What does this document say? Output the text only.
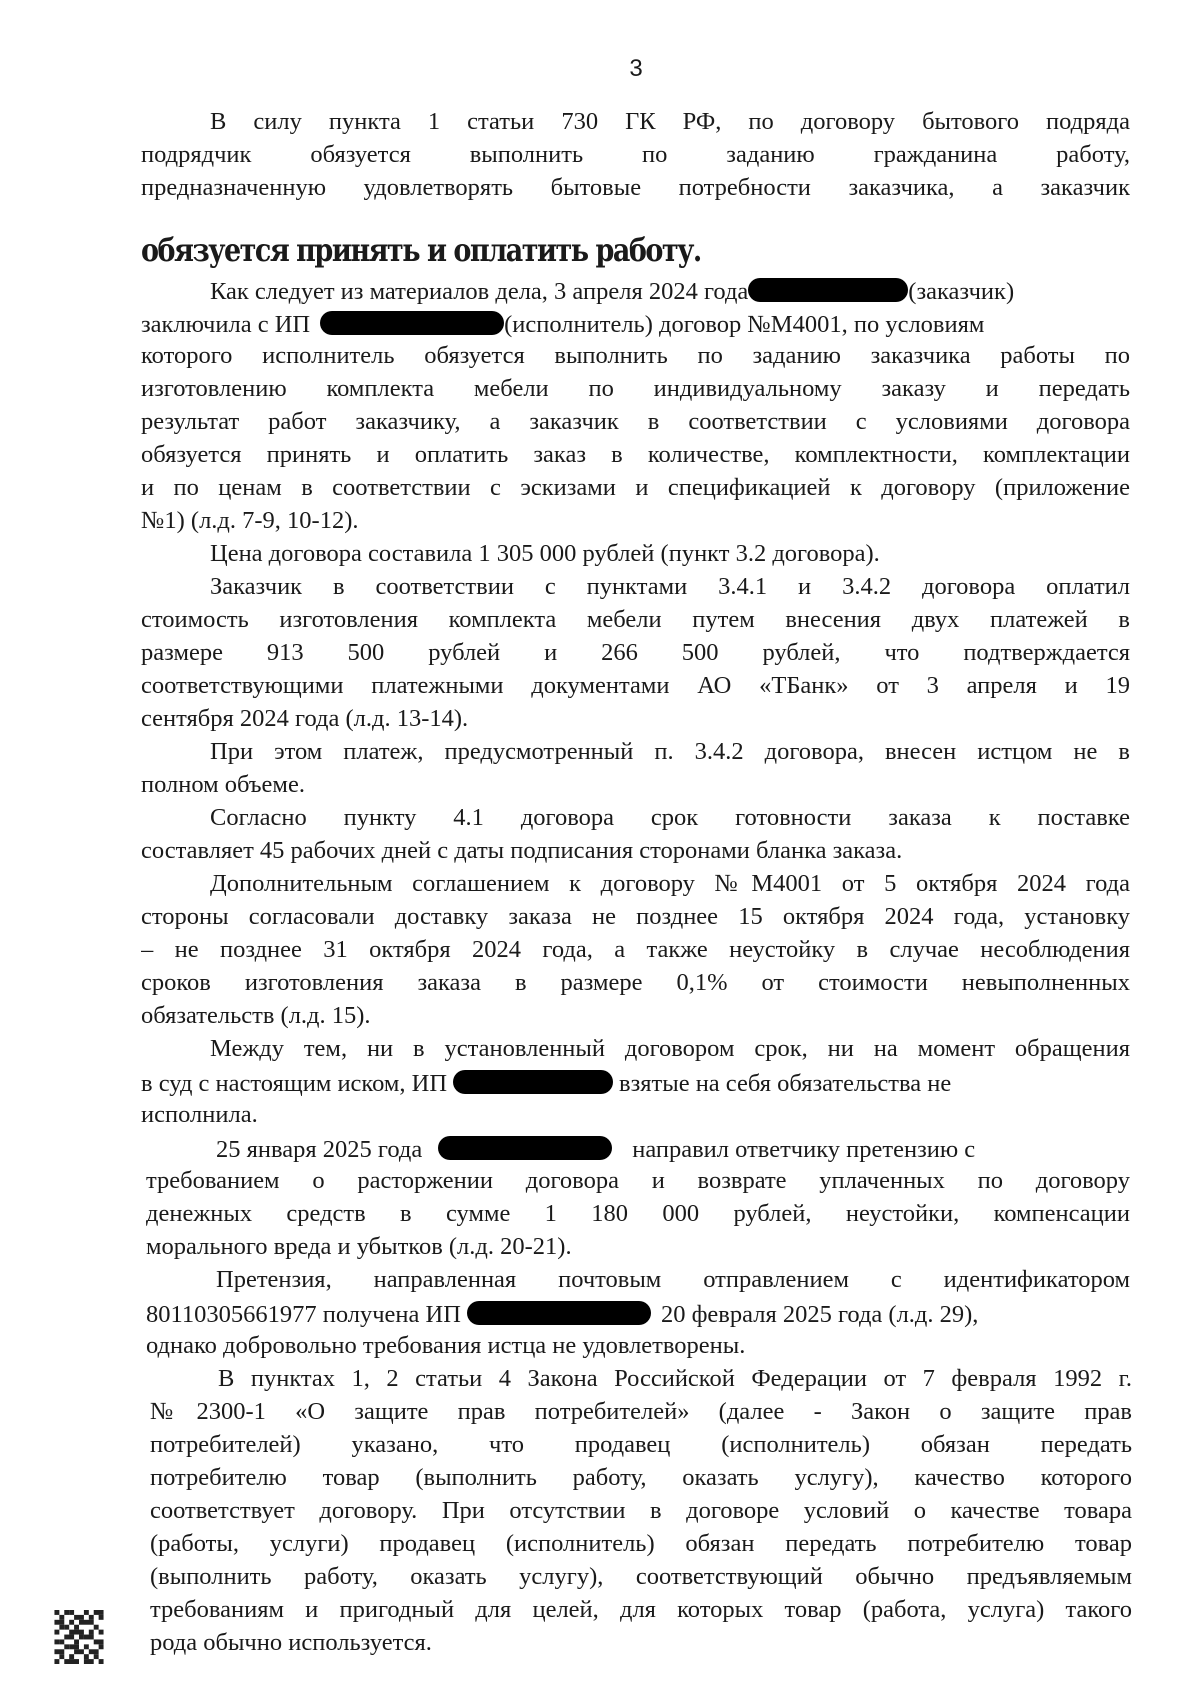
3
В силу пункта 1 статьи 730 ГК РФ, по договору бытового подряда
подрядчик обязуется выполнить по заданию гражданина работу,
предназначенную удовлетворять бытовые потребности заказчика, а заказчик
обязуется принять и оплатить работу.
Как следует из материалов дела, 3 апреля 2024 года	(заказчик)
заключила с ИП	(исполнитель) договор №М4001, по условиям
которого исполнитель обязуется выполнить по заданию заказчика работы по
изготовлению комплекта мебели по индивидуальному заказу и передать
результат работ заказчику, а заказчик в соответствии с условиями договора
обязуется принять и оплатить заказ в количестве, комплектности, комплектации
и по ценам в соответствии с эскизами и спецификацией к договору (приложение
№1) (л.д. 7-9, 10-12).
Цена договора составила 1 305 000 рублей (пункт 3.2 договора).
Заказчик в соответствии с пунктами 3.4.1 и 3.4.2 договора оплатил
стоимость изготовления комплекта мебели путем внесения двух платежей в
размере 913 500 рублей и 266 500 рублей, что подтверждается
соответствующими платежными документами АО «ТБанк» от 3 апреля и 19
сентября 2024 года (л.д. 13-14).
При этом платеж, предусмотренный п. 3.4.2 договора, внесен истцом не в
полном объеме.
Согласно пункту 4.1 договора срок готовности заказа к поставке
составляет 45 рабочих дней с даты подписания сторонами бланка заказа.
Дополнительным соглашением к договору №М4001 от 5 октября 2024 года
стороны согласовали доставку заказа не позднее 15 октября 2024 года, установку
– не позднее 31 октября 2024 года, а также неустойку в случае несоблюдения
сроков изготовления заказа в размере 0,1% от стоимости невыполненных
обязательств (л.д. 15).
Между тем, ни в установленный договором срок, ни на момент обращения
в суд с настоящим иском, ИП	взятые на себя обязательства не
исполнила.
25 января 2025 года	направил ответчику претензию с
требованием о расторжении договора и возврате уплаченных по договору
денежных средств в сумме 1 180 000 рублей, неустойки, компенсации
морального вреда и убытков (л.д. 20-21).
Претензия, направленная почтовым отправлением с идентификатором
80110305661977 получена ИП	20 февраля 2025 года (л.д. 29),
однако добровольно требования истца не удовлетворены.
В пунктах 1, 2 статьи 4 Закона Российской Федерации от 7 февраля 1992 г.
№2300-1 «О защите прав потребителей» (далее - Закон о защите прав
потребителей) указано, что продавец (исполнитель) обязан передать
потребителю товар (выполнить работу, оказать услугу), качество которого
соответствует договору. При отсутствии в договоре условий о качестве товара
(работы, услуги) продавец (исполнитель) обязан передать потребителю товар
(выполнить работу, оказать услугу), соответствующий обычно предъявляемым
требованиям и пригодный для целей, для которых товар (работа, услуга) такого
рода обычно используется.
